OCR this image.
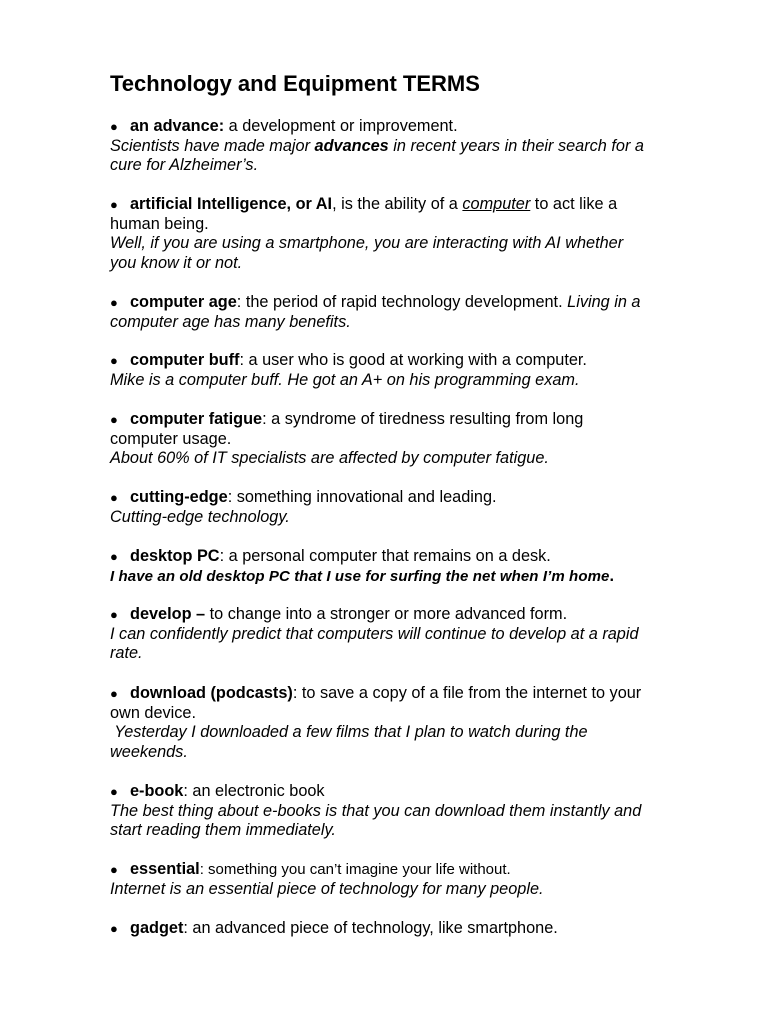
Technology and Equipment TERMS
● an advance: a development or improvement.
Scientists have made major advances in recent years in their search for a
cure for Alzheimer’s.
● artificial Intelligence, or AI, is the ability of a computer to act like a
human being.
Well, if you are using a smartphone, you are interacting with AI whether
you know it or not.
● computer age: the period of rapid technology development. Living in a
computer age has many benefits.
● computer buff: a user who is good at working with a computer.
Mike is a computer buff. He got an A+ on his programming exam.
● computer fatigue: a syndrome of tiredness resulting from long
computer usage.
About 60% of IT specialists are affected by computer fatigue.
● cutting-edge: something innovational and leading.
Cutting-edge technology.
● desktop PC: a personal computer that remains on a desk.
I have an old desktop PC that I use for surfing the net when I’m home.
● develop – to change into a stronger or more advanced form.
I can confidently predict that computers will continue to develop at a rapid
rate.
● download (podcasts): to save a copy of a file from the internet to your
own device.
Yesterday I downloaded a few films that I plan to watch during the
weekends.
● e-book: an electronic book
The best thing about e-books is that you can download them instantly and
start reading them immediately.
● essential: something you can’t imagine your life without.
Internet is an essential piece of technology for many people.
● gadget: an advanced piece of technology, like smartphone.
